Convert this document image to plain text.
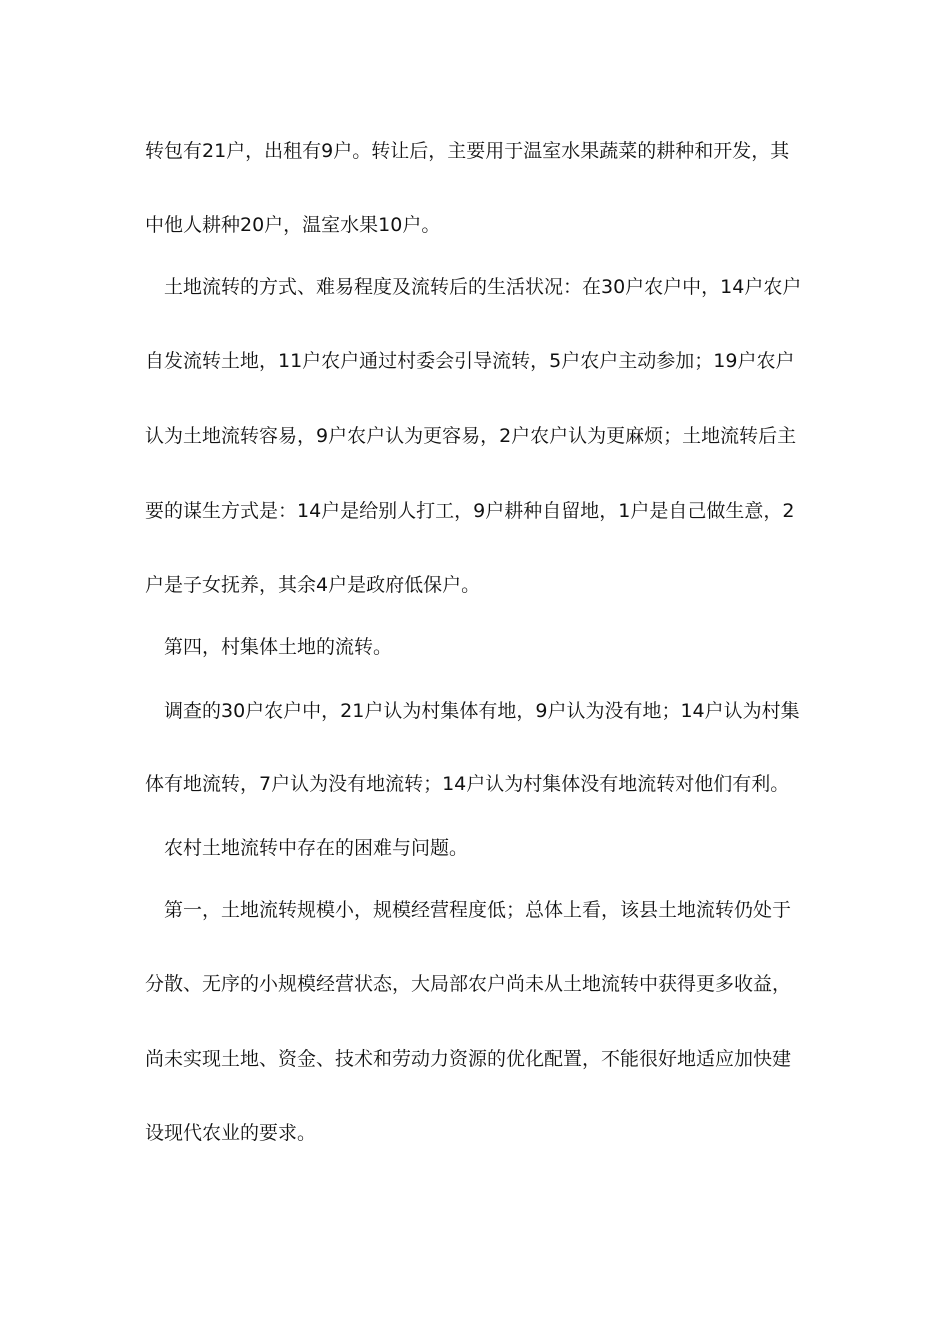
转包有21户，出租有9户。转让后，主要用于温室水果蔬菜的耕种和开发，其
中他人耕种20户，温室水果10户。
土地流转的方式、难易程度及流转后的生活状况：在30户农户中，14户农户
自发流转土地，11户农户通过村委会引导流转，5户农户主动参加；19户农户
认为土地流转容易，9户农户认为更容易，2户农户认为更麻烦；土地流转后主
要的谋生方式是：14户是给别人打工，9户耕种自留地，1户是自己做生意，2
户是子女抚养，其余4户是政府低保户。
第四，村集体土地的流转。
调查的30户农户中，21户认为村集体有地，9户认为没有地；14户认为村集
体有地流转，7户认为没有地流转；14户认为村集体没有地流转对他们有利。
农村土地流转中存在的困难与问题。
第一，土地流转规模小，规模经营程度低；总体上看，该县土地流转仍处于
分散、无序的小规模经营状态，大局部农户尚未从土地流转中获得更多收益，
尚未实现土地、资金、技术和劳动力资源的优化配置，不能很好地适应加快建
设现代农业的要求。
